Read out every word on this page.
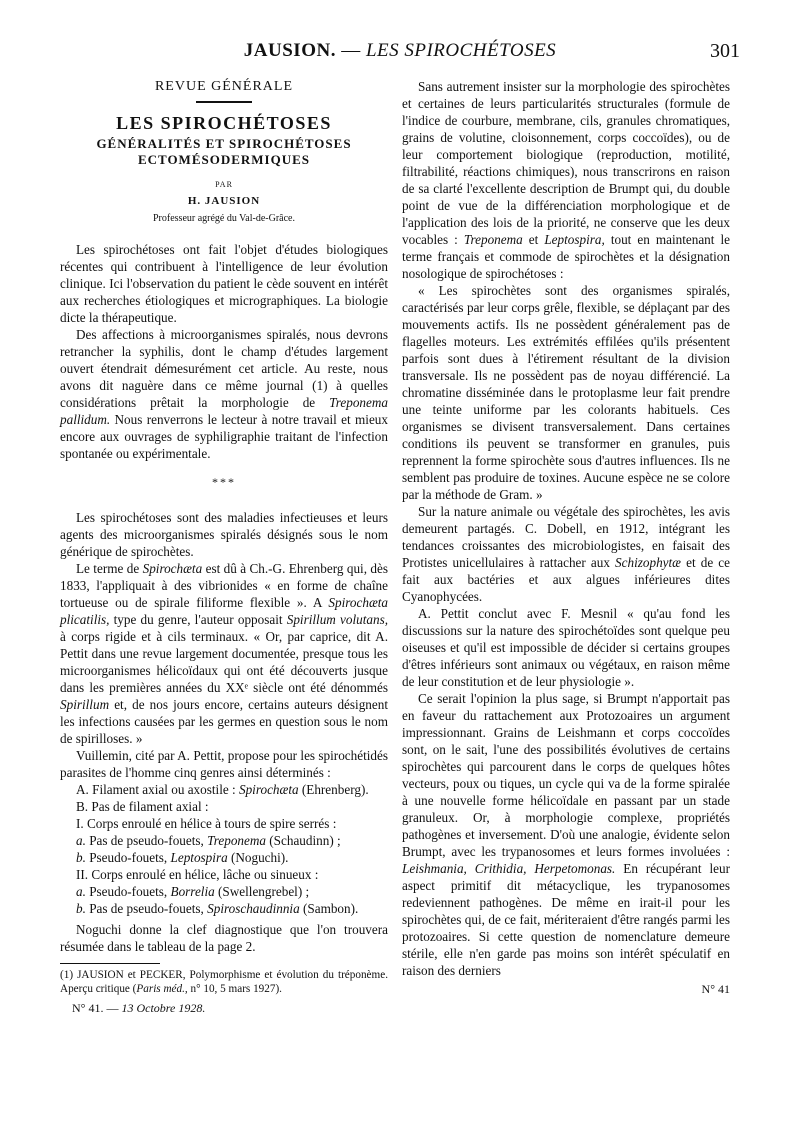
JAUSION. — LES SPIROCHÉTOSES	301
REVUE GÉNÉRALE
LES SPIROCHÉTOSES
GÉNÉRALITÉS ET SPIROCHÉTOSES ECTOMÉSODERMIQUES
PAR
H. JAUSION
Professeur agrégé du Val-de-Grâce.

Les spirochétoses ont fait l'objet d'études biologiques récentes qui contribuent à l'intelligence de leur évolution clinique. Ici l'observation du patient le cède souvent en intérêt aux recherches étiologiques et micrographiques. La biologie dicte la thérapeutique.

Des affections à microorganismes spiralés, nous devrons retrancher la syphilis, dont le champ d'études largement ouvert étendrait démesurément cet article. Au reste, nous avons dit naguère dans ce même journal (1) à quelles considérations prêtait la morphologie de Treponema pallidum. Nous renverrons le lecteur à notre travail et mieux encore aux ouvrages de syphiligraphie traitant de l'infection spontanée ou expérimentale.

***

Les spirochétoses sont des maladies infectieuses et leurs agents des microorganismes spiralés désignés sous le nom générique de spirochètes.

Le terme de Spirochæta est dû à Ch.-G. Ehrenberg qui, dès 1833, l'appliquait à des vibrionides « en forme de chaîne tortueuse ou de spirale filiforme flexible ». A Spirochæta plicatilis, type du genre, l'auteur opposait Spirillum volutans, à corps rigide et à cils terminaux. « Or, par caprice, dit A. Pettit dans une revue largement documentée, presque tous les microorganismes hélicoïdaux qui ont été découverts jusque dans les premières années du XXᵉ siècle ont été dénommés Spirillum et, de nos jours encore, certains auteurs désignent les infections causées par les germes en question sous le nom de spirilloses. »

Vuillemin, cité par A. Pettit, propose pour les spirochétidés parasites de l'homme cinq genres ainsi déterminés :

A. Filament axial ou axostile : Spirochæta (Ehrenberg).

B. Pas de filament axial :

I. Corps enroulé en hélice à tours de spire serrés :

a. Pas de pseudo-fouets, Treponema (Schaudinn) ;

b. Pseudo-fouets, Leptospira (Noguchi).

II. Corps enroulé en hélice, lâche ou sinueux :

a. Pseudo-fouets, Borrelia (Swellengrebel) ;

b. Pas de pseudo-fouets, Spiroschaudinnia (Sambon).

Noguchi donne la clef diagnostique que l'on trouvera résumée dans le tableau de la page 2.

(1) JAUSION et PECKER, Polymorphisme et évolution du tréponème. Aperçu critique (Paris méd., n° 10, 5 mars 1927).
N° 41. — 13 Octobre 1928.

Sans autrement insister sur la morphologie des spirochètes et certaines de leurs particularités structurales (formule de l'indice de courbure, membrane, cils, granules chromatiques, grains de volutine, cloisonnement, corps coccoïdes), ou de leur comportement biologique (reproduction, motilité, filtrabilité, réactions chimiques), nous transcrirons en raison de sa clarté l'excellente description de Brumpt qui, du double point de vue de la différenciation morphologique et de l'application des lois de la priorité, ne conserve que les deux vocables : Treponema et Leptospira, tout en maintenant le terme français et commode de spirochètes et la désignation nosologique de spirochétoses :

« Les spirochètes sont des organismes spiralés, caractérisés par leur corps grêle, flexible, se déplaçant par des mouvements actifs. Ils ne possèdent généralement pas de flagelles moteurs. Les extrémités effilées qu'ils présentent parfois sont dues à l'étirement résultant de la division transversale. Ils ne possèdent pas de noyau différencié. La chromatine disséminée dans le protoplasme leur fait prendre une teinte uniforme par les colorants habituels. Ces organismes se divisent transversalement. Dans certaines conditions ils peuvent se transformer en granules, puis reprennent la forme spirochète sous d'autres influences. Ils ne semblent pas produire de toxines. Aucune espèce ne se colore par la méthode de Gram. »

Sur la nature animale ou végétale des spirochètes, les avis demeurent partagés. C. Dobell, en 1912, intégrant les tendances croissantes des microbiologistes, en faisait des Protistes unicellulaires à rattacher aux Schizophytæ et de ce fait aux bactéries et aux algues inférieures dites Cyanophycées.

A. Pettit conclut avec F. Mesnil « qu'au fond les discussions sur la nature des spirochétoïdes sont quelque peu oiseuses et qu'il est impossible de décider si certains groupes d'êtres inférieurs sont animaux ou végétaux, en raison même de leur constitution et de leur physiologie ».

Ce serait l'opinion la plus sage, si Brumpt n'apportait pas en faveur du rattachement aux Protozoaires un argument impressionnant. Grains de Leishmann et corps coccoïdes sont, on le sait, l'une des possibilités évolutives de certains spirochètes qui parcourent dans le corps de quelques hôtes vecteurs, poux ou tiques, un cycle qui va de la forme spiralée à une nouvelle forme hélicoïdale en passant par un stade granuleux. Or, à morphologie complexe, propriétés pathogènes et inversement. D'où une analogie, évidente selon Brumpt, avec les trypanosomes et leurs formes involuées : Leishmania, Crithidia, Herpetomonas. En récupérant leur aspect primitif dit métacyclique, les trypanosomes redeviennent pathogènes. De même en irait-il pour les spirochètes qui, de ce fait, mériteraient d'être rangés parmi les protozoaires. Si cette question de nomenclature demeure stérile, elle n'en garde pas moins son intérêt spéculatif en raison des derniers

N° 41
